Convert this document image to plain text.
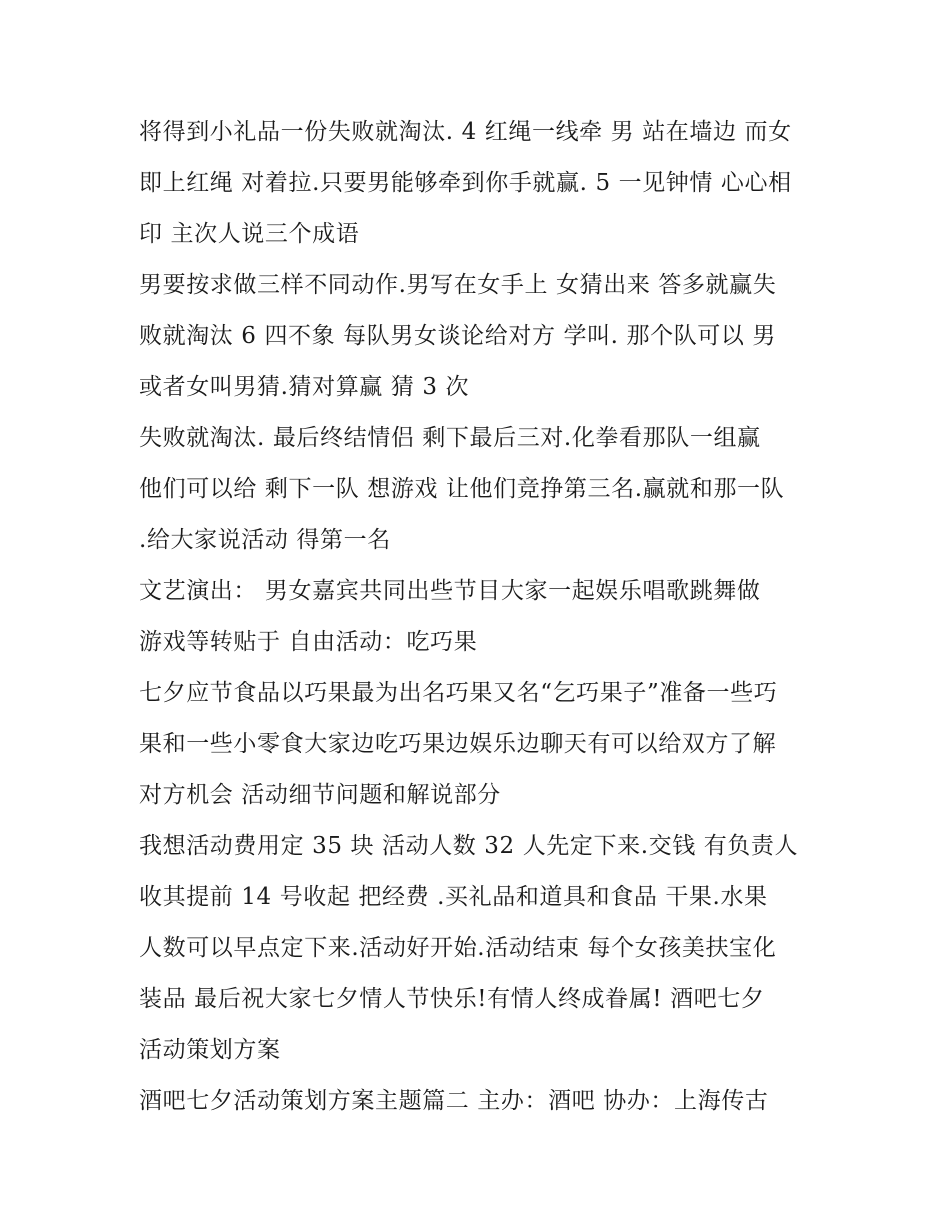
将得到小礼品一份失败就淘汰. 4 红绳一线牵 男 站在墙边 而女
即上红绳 对着拉.只要男能够牵到你手就赢. 5 一见钟情 心心相
印 主次人说三个成语
男要按求做三样不同动作.男写在女手上 女猜出来 答多就赢失
败就淘汰 6 四不象 每队男女谈论给对方 学叫. 那个队可以 男
或者女叫男猜.猜对算赢 猜 3 次
失败就淘汰. 最后终结情侣 剩下最后三对.化拳看那队一组赢
他们可以给 剩下一队 想游戏 让他们竞挣第三名.赢就和那一队
.给大家说活动 得第一名
文艺演出： 男女嘉宾共同出些节目大家一起娱乐唱歌跳舞做
游戏等转贴于 自由活动：吃巧果
七夕应节食品以巧果最为出名巧果又名“乞巧果子”准备一些巧
果和一些小零食大家边吃巧果边娱乐边聊天有可以给双方了解
对方机会 活动细节问题和解说部分
我想活动费用定 35 块 活动人数 32 人先定下来.交钱 有负责人
收其提前 14 号收起 把经费 .买礼品和道具和食品 干果.水果
人数可以早点定下来.活动好开始.活动结束 每个女孩美扶宝化
装品 最后祝大家七夕情人节快乐!有情人终成眷属! 酒吧七夕
活动策划方案
酒吧七夕活动策划方案主题篇二 主办：酒吧 协办：上海传古
